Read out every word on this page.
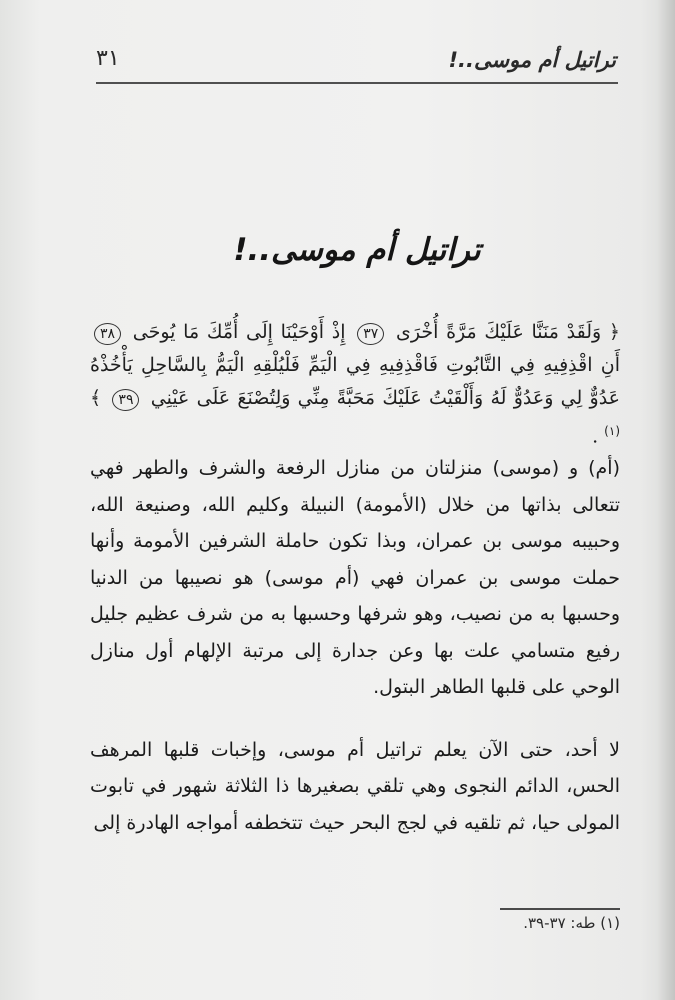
تراتيل أم موسى..!
٣١
تراتيل أم موسى..!
﴿ وَلَقَدْ مَنَنَّا عَلَيْكَ مَرَّةً أُخْرَى ٣٧ إِذْ أَوْحَيْنَا إِلَى أُمِّكَ مَا يُوحَى ٣٨ أَنِ اقْذِفِيهِ فِي التَّابُوتِ فَاقْذِفِيهِ فِي الْيَمِّ فَلْيُلْقِهِ الْيَمُّ بِالسَّاحِلِ يَأْخُذْهُ عَدُوٌّ لِي وَعَدُوٌّ لَهُ وَأَلْقَيْتُ عَلَيْكَ مَحَبَّةً مِنِّي وَلِتُصْنَعَ عَلَى عَيْنِي ٣٩ ﴾ $^{(١)}$ .

(أم) و (موسى) منزلتان من منازل الرفعة والشرف والطهر فهي تتعالى بذاتها من خلال (الأمومة) النبيلة وكليم الله، وصنيعة الله، وحبيبه موسى بن عمران، وبذا تكون حاملة الشرفين الأمومة وأنها حملت موسى بن عمران فهي (أم موسى) هو نصيبها من الدنيا وحسبها به من نصيب، وهو شرفها وحسبها به من شرف عظيم جليل رفيع متسامي علت بها وعن جدارة إلى مرتبة الإلهام أول منازل الوحي على قلبها الطاهر البتول.

لا أحد، حتى الآن يعلم تراتيل أم موسى، وإخبات قلبها المرهف الحس، الدائم النجوى وهي تلقي بصغيرها ذا الثلاثة شهور في تابوت المولى حيا، ثم تلقيه في لجج البحر حيث تتخطفه أمواجه الهادرة إلى

(١) طه: ٣٧-٣٩.
